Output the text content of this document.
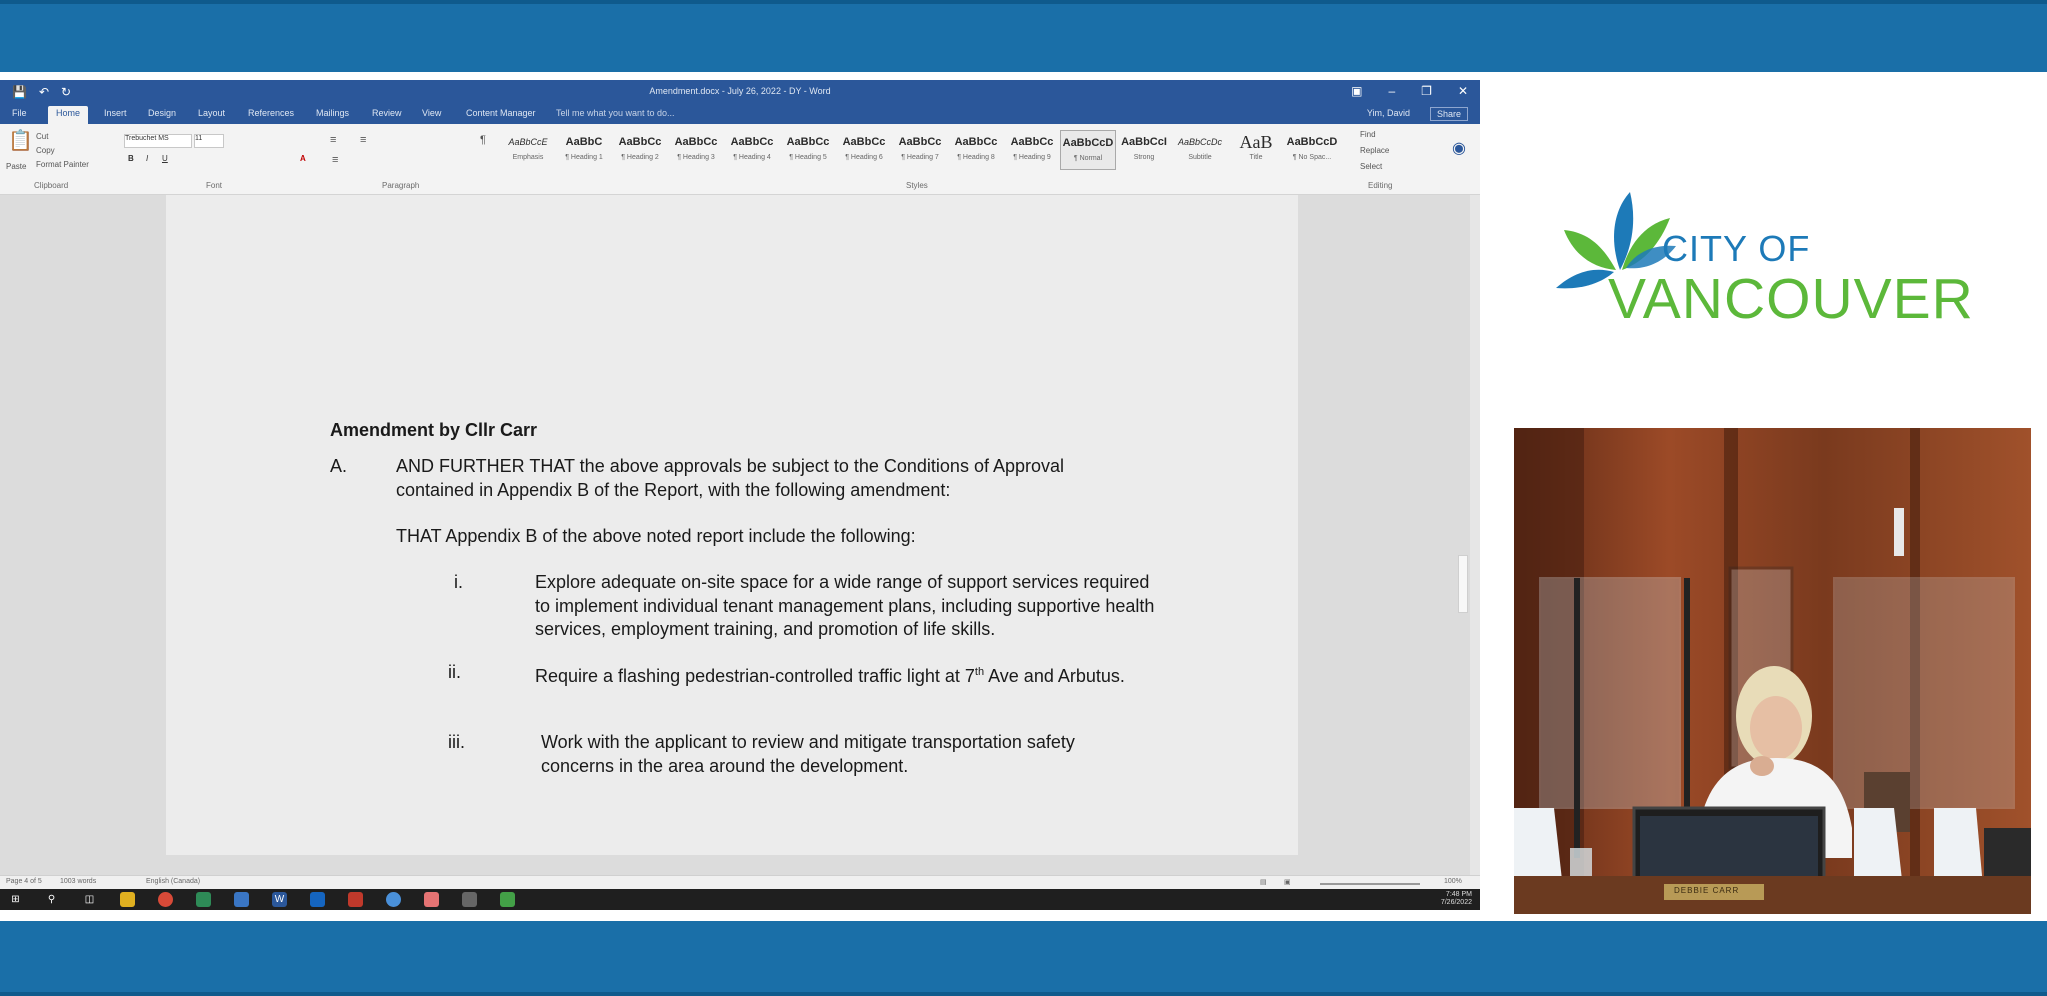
💾 ↶ ↻	Amendment.docx - July 26, 2022 - DY - Word	▣ – ❐ ✕
File	Home	Insert Design Layout	References Mailings	Review View	Content Manager Tell me what you want to do...	Yim, David	Share
📋
Paste
Cut
Copy
Format Painter
Clipboard
Trebuchet MS	11
B I U	A
Font
≡ ≡	¶
≡
Paragraph
AaBbCcE
Emphasis
AaBbC
¶ Heading 1
AaBbCc
¶ Heading 2
AaBbCc
¶ Heading 3
AaBbCc
¶ Heading 4
AaBbCc
¶ Heading 5
AaBbCc
¶ Heading 6
AaBbCc
¶ Heading 7
AaBbCc
¶ Heading 8
AaBbCc
¶ Heading 9
AaBbCcD
¶ Normal
AaBbCcI
Strong
AaBbCcDc
Subtitle
AaB
Title
AaBbCcD
¶ No Spac...
Styles
Find
Replace
Select
Editing
◉

Amendment by Cllr Carr

A.	AND FURTHER THAT the above approvals be subject to the Conditions of Approval contained in Appendix B of the Report, with the following amendment:
THAT Appendix B of the above noted report include the following:
i.	Explore adequate on-site space for a wide range of support services required to implement individual tenant management plans, including supportive health services, employment training, and promotion of life skills.
ii.	Require a flashing pedestrian-controlled traffic light at 7th Ave and Arbutus.
iii.	Work with the applicant to review and mitigate transportation safety concerns in the area around the development.
Page 4 of 5	1003 words	English (Canada)	▤ ▣	100%
⊞	⚲	◫	W	7:48 PM
7/26/2022
CITY OF
VANCOUVER
DEBBIE CARR
